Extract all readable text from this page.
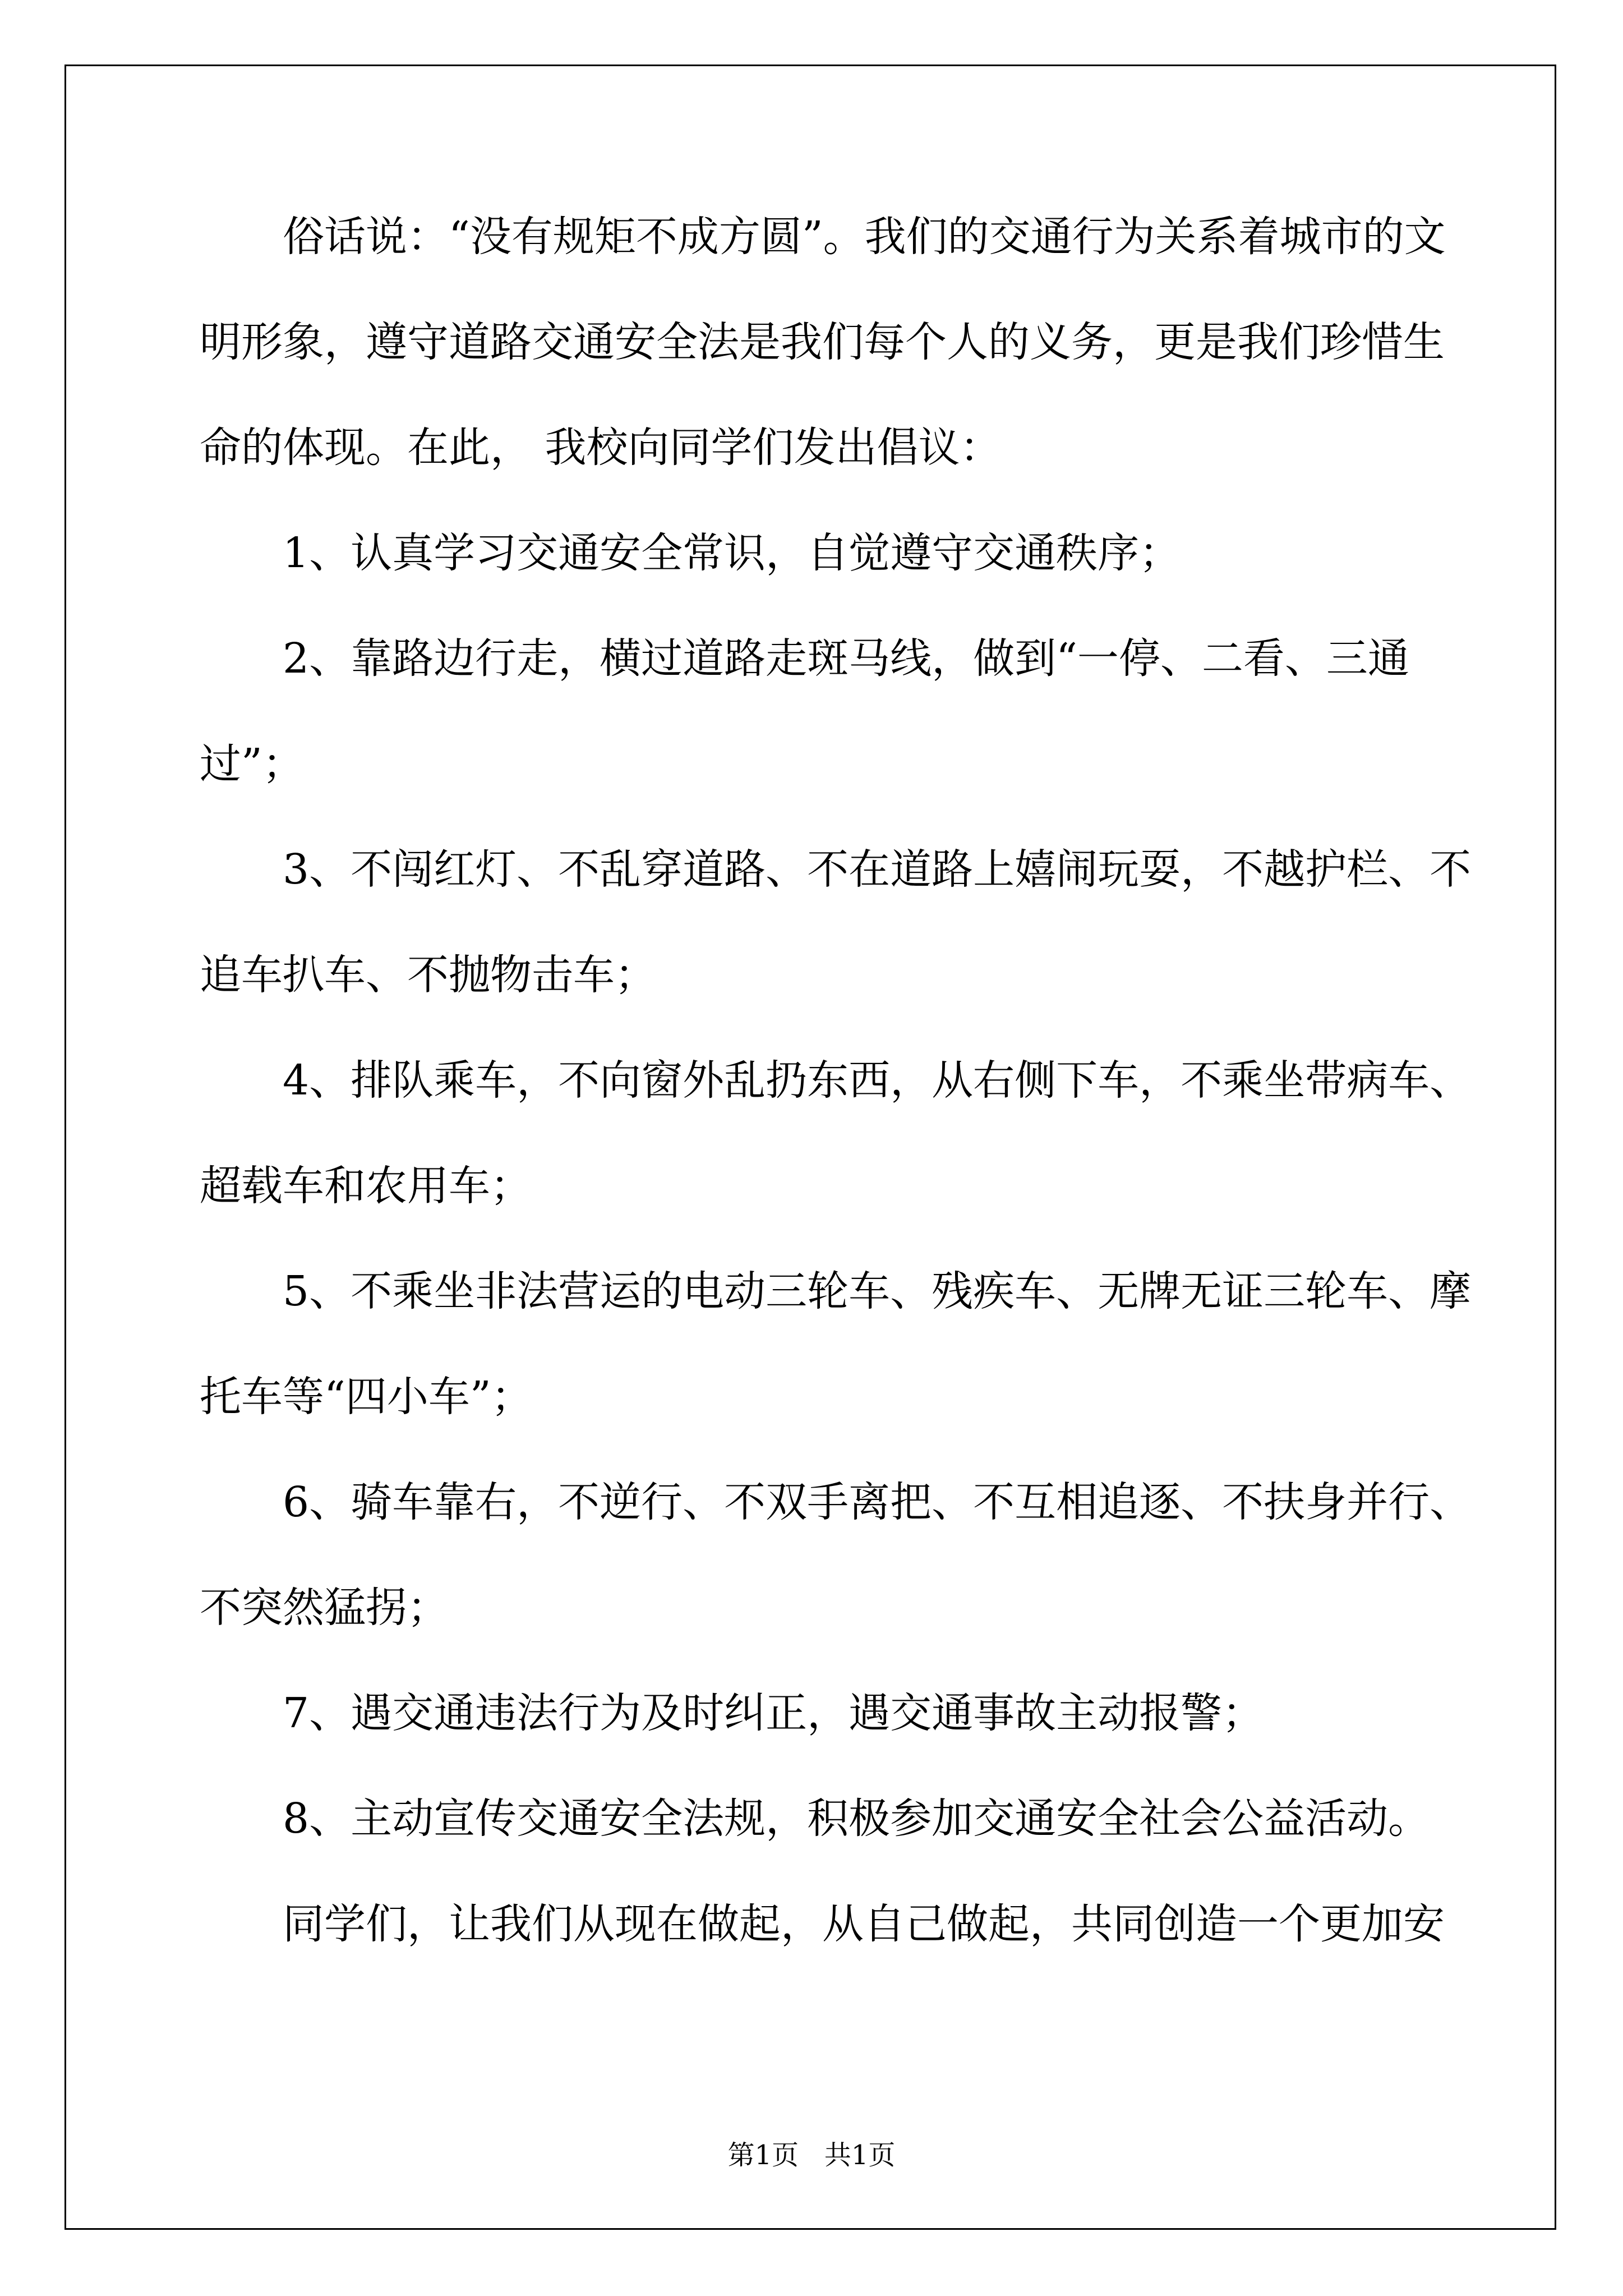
俗话说：“没有规矩不成方圆”。我们的交通行为关系着城市的文
明形象，遵守道路交通安全法是我们每个人的义务，更是我们珍惜生
命的体现。在此， 我校向同学们发出倡议：
1、认真学习交通安全常识，自觉遵守交通秩序；
2、靠路边行走，横过道路走斑马线，做到“一停、二看、三通
过”；
3、不闯红灯、不乱穿道路、不在道路上嬉闹玩耍，不越护栏、不
追车扒车、不抛物击车；
4、排队乘车，不向窗外乱扔东西，从右侧下车，不乘坐带病车、
超载车和农用车；
5、不乘坐非法营运的电动三轮车、残疾车、无牌无证三轮车、摩
托车等“四小车”；
6、骑车靠右，不逆行、不双手离把、不互相追逐、不扶身并行、
不突然猛拐；
7、遇交通违法行为及时纠正，遇交通事故主动报警；
8、主动宣传交通安全法规，积极参加交通安全社会公益活动。
同学们，让我们从现在做起，从自己做起，共同创造一个更加安
第1页   共1页
